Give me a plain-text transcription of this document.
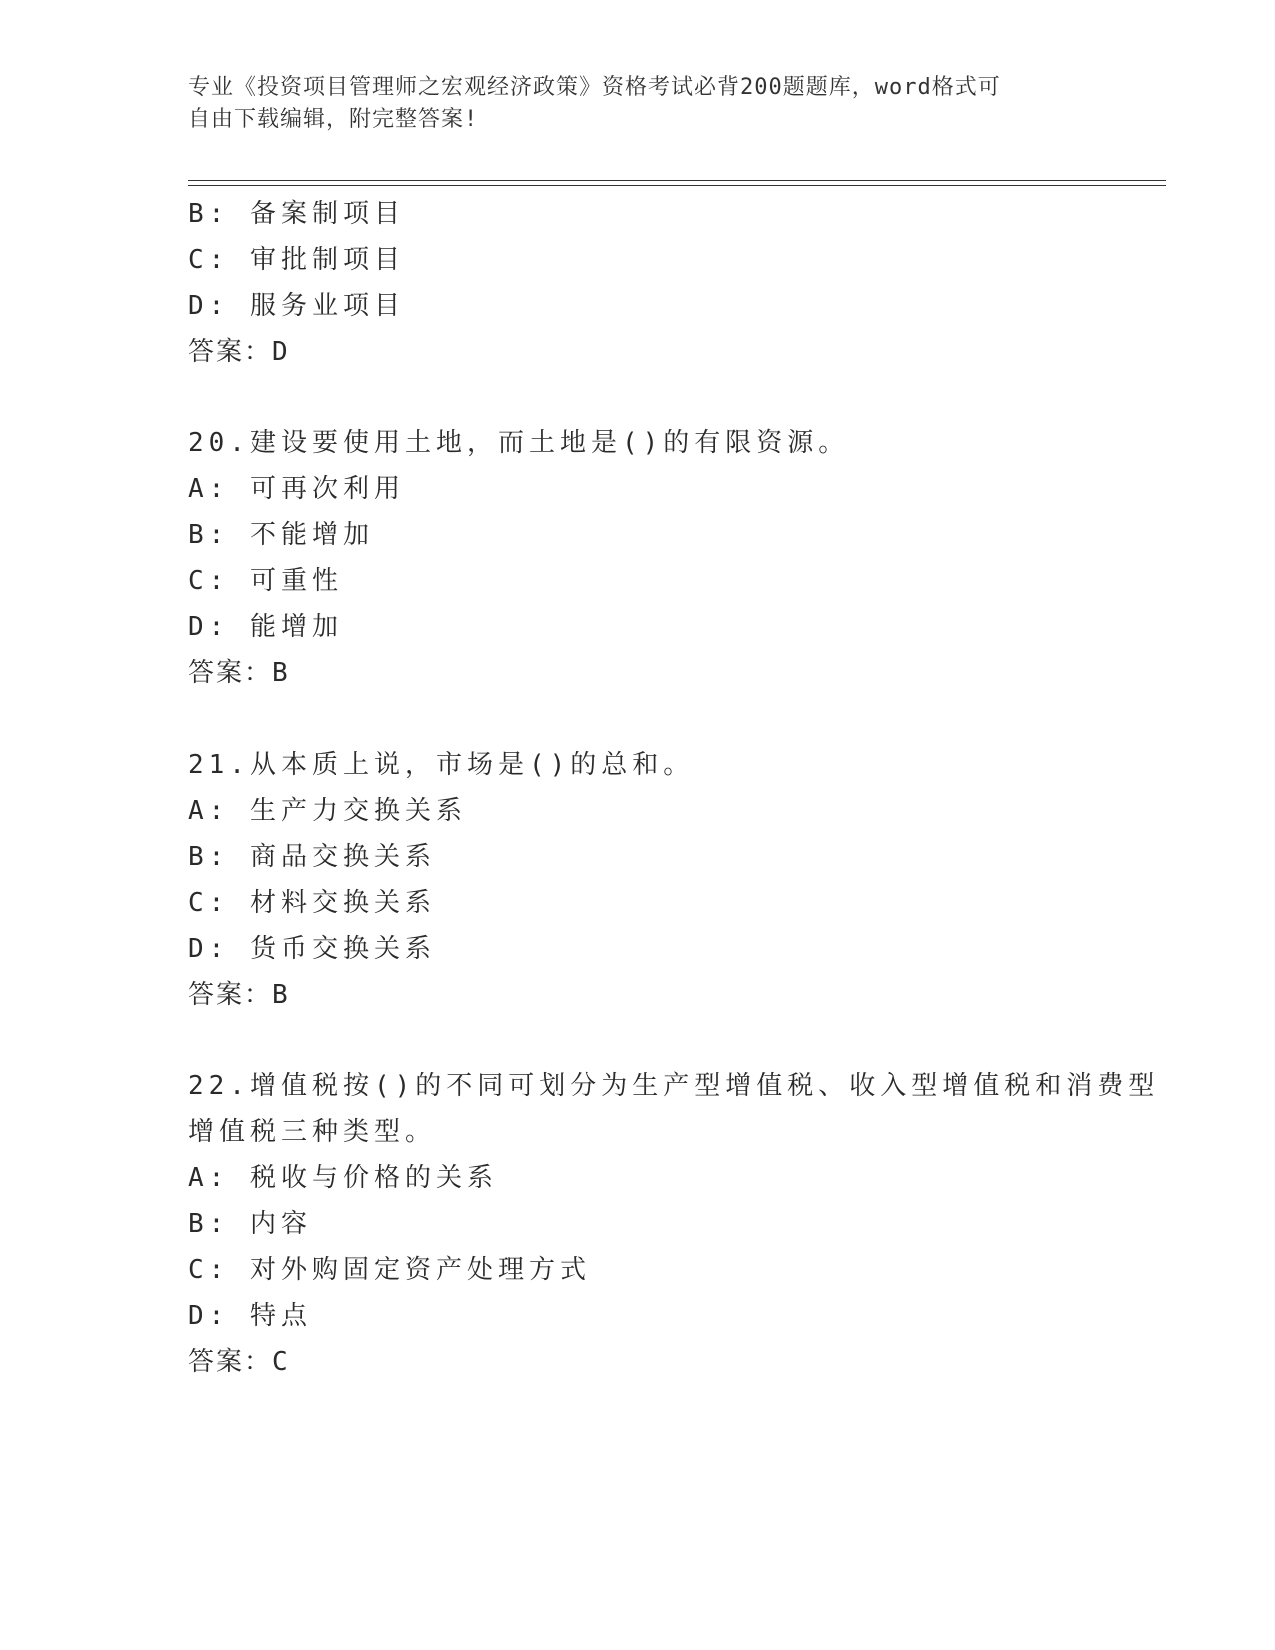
专业《投资项目管理师之宏观经济政策》资格考试必背200题题库，word格式可
自由下载编辑，附完整答案!
B: 备案制项目
C: 审批制项目
D: 服务业项目
答案：D
20.建设要使用土地，而土地是()的有限资源。
A: 可再次利用
B: 不能增加
C: 可重性
D: 能增加
答案：B
21.从本质上说，市场是()的总和。
A: 生产力交换关系
B: 商品交换关系
C: 材料交换关系
D: 货币交换关系
答案：B
22.增值税按()的不同可划分为生产型增值税、收入型增值税和消费型
增值税三种类型。
A: 税收与价格的关系
B: 内容
C: 对外购固定资产处理方式
D: 特点
答案：C
